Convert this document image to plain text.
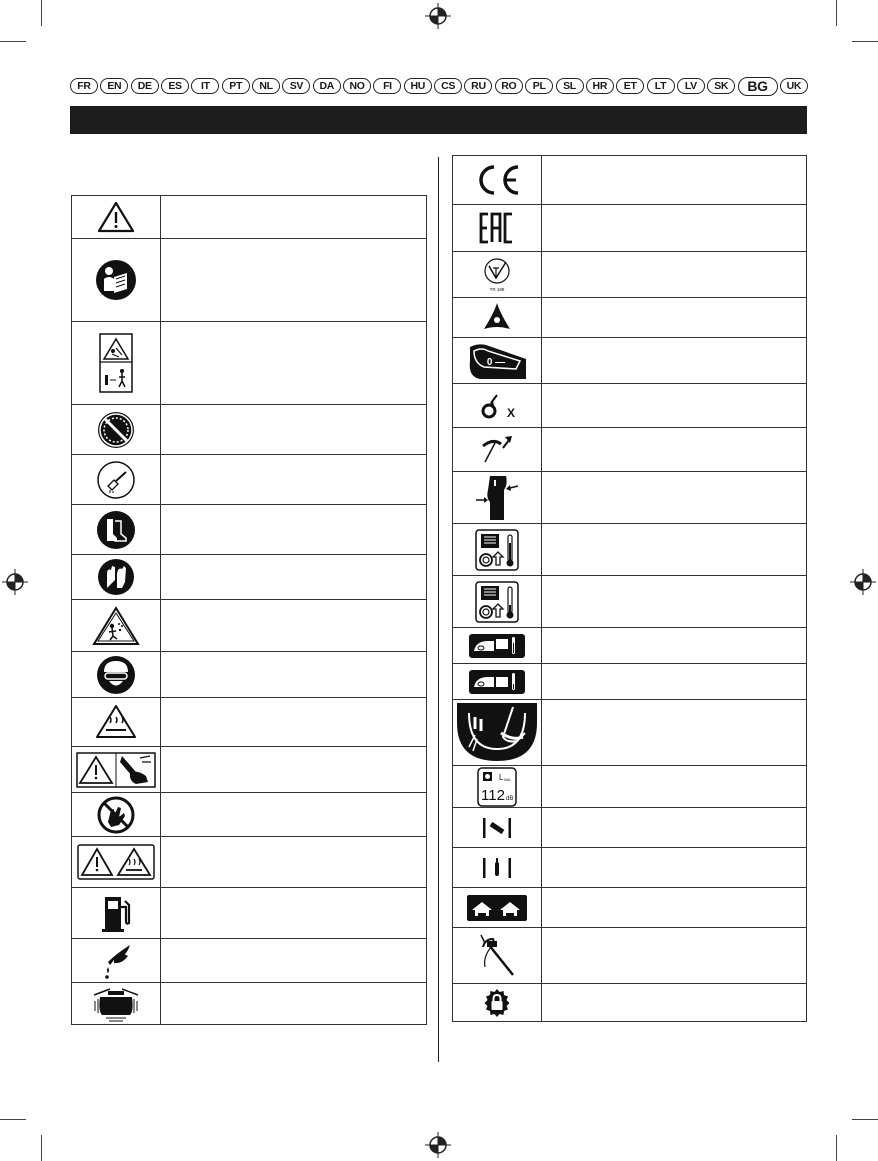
FR	EN	DE	ES	IT	PT	NL	SV	DA	NO	FI	HU	CS	RU	RO	PL	SL	HR	ET	LT	LV	SK	BG	UK

TR 188	

0 —	

X	

L WA
112 dB	
